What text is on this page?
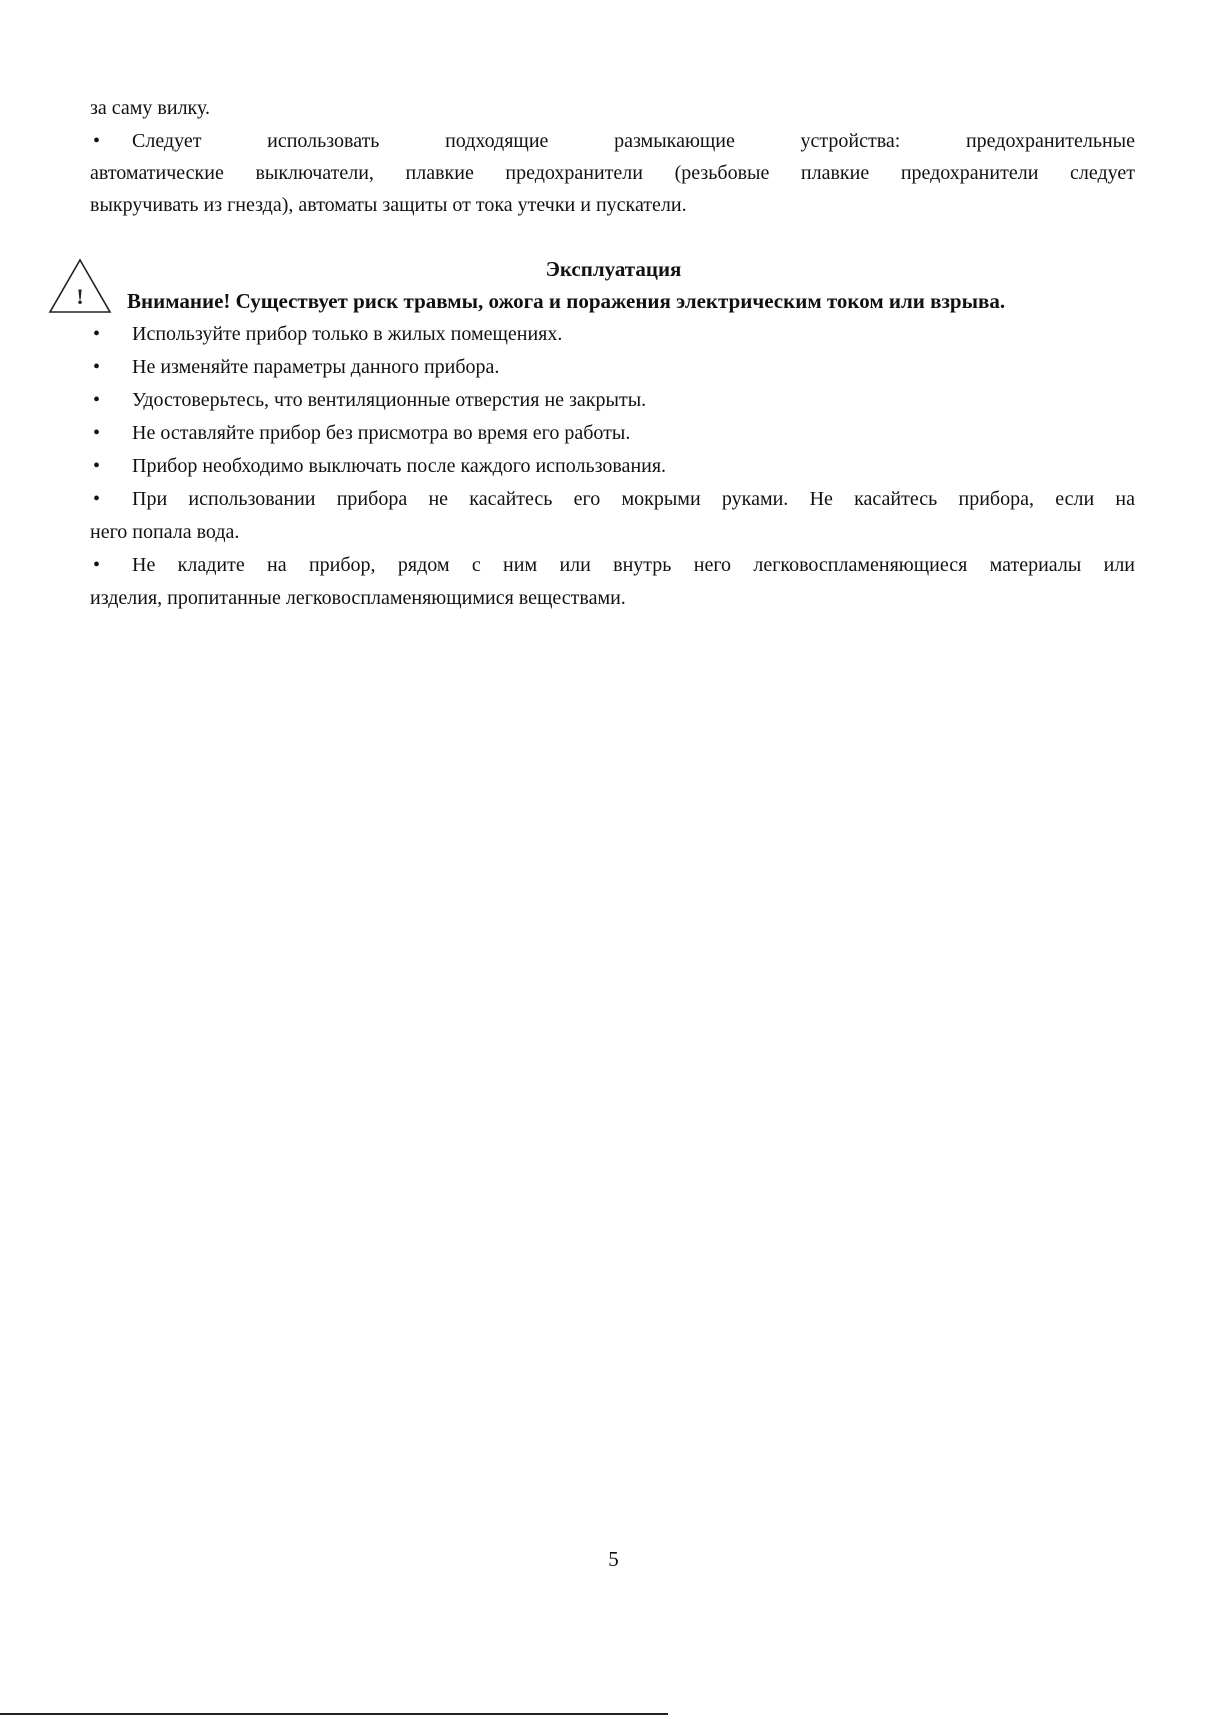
за саму вилку.
• Следует использовать подходящие размыкающие устройства: предохранительные
автоматические выключатели, плавкие предохранители (резьбовые плавкие предохранители следует
выкручивать из гнезда), автоматы защиты от тока утечки и пускатели.
Эксплуатация
! Внимание! Существует риск травмы, ожога и поражения электрическим током или взрыва.
• Используйте прибор только в жилых помещениях.
• Не изменяйте параметры данного прибора.
• Удостоверьтесь, что вентиляционные отверстия не закрыты.
• Не оставляйте прибор без присмотра во время его работы.
• Прибор необходимо выключать после каждого использования.
• При использовании прибора не касайтесь его мокрыми руками. Не касайтесь прибора, если на
него попала вода.
• Не кладите на прибор, рядом с ним или внутрь него легковоспламеняющиеся материалы или
изделия, пропитанные легковоспламеняющимися веществами.
5
